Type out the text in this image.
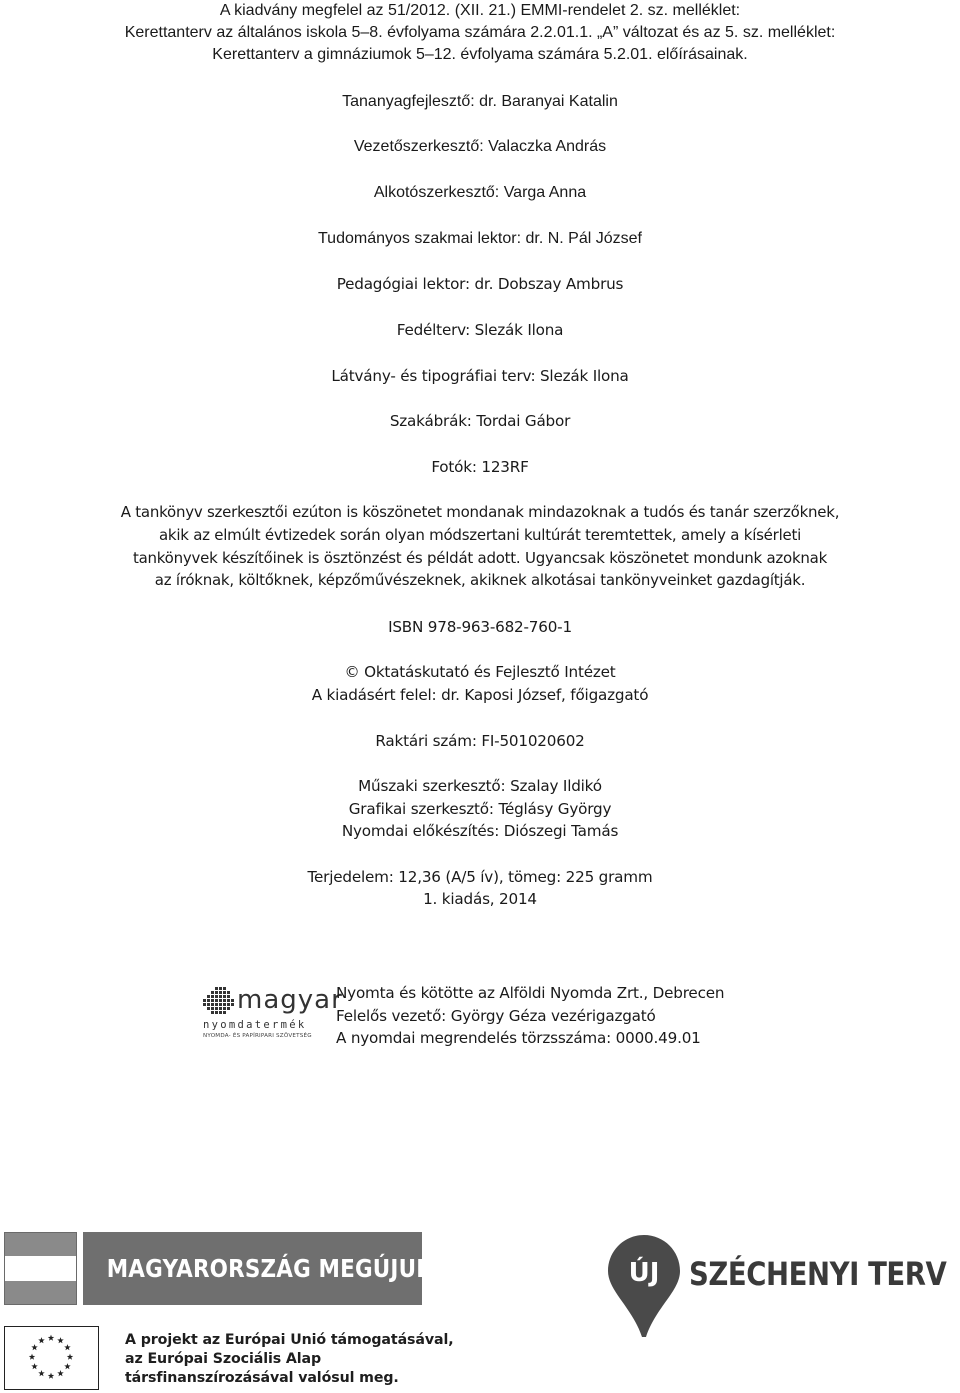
A kiadvány megfelel az 51/2012. (XII. 21.) EMMI-rendelet 2. sz. melléklet:
Kerettanterv az általános iskola 5–8. évfolyama számára 2.2.01.1. „A” változat és az 5. sz. melléklet:
Kerettanterv a gimnáziumok 5–12. évfolyama számára 5.2.01. előírásainak.
Tananyagfejlesztő: dr. Baranyai Katalin
Vezetőszerkesztő: Valaczka András
Alkotószerkesztő: Varga Anna
Tudományos szakmai lektor: dr. N. Pál József
Pedagógiai lektor: dr. Dobszay Ambrus
Fedélterv: Slezák Ilona
Látvány- és tipográfiai terv: Slezák Ilona
Szakábrák: Tordai Gábor
Fotók: 123RF
A tankönyv szerkesztői ezúton is köszönetet mondanak mindazoknak a tudós és tanár szerzőknek,
akik az elmúlt évtizedek során olyan módszertani kultúrát teremtettek, amely a kísérleti
tankönyvek készítőinek is ösztönzést és példát adott. Ugyancsak köszönetet mondunk azoknak
az íróknak, költőknek, képzőművészeknek, akiknek alkotásai tankönyveinket gazdagítják.
ISBN 978-963-682-760-1
© Oktatáskutató és Fejlesztő Intézet
A kiadásért felel: dr. Kaposi József, főigazgató
Raktári szám: FI-501020602
Műszaki szerkesztő: Szalay Ildikó
Grafikai szerkesztő: Téglásy György
Nyomdai előkészítés: Diószegi Tamás
Terjedelem: 12,36 (A/5 ív), tömeg: 225 gramm
1. kiadás, 2014
magyar
nyomdatermék
NYOMDA- ÉS PAPÍRIPARI SZÖVETSÉG
Nyomta és kötötte az Alföldi Nyomda Zrt., Debrecen
Felelős vezető: György Géza vezérigazgató
A nyomdai megrendelés törzsszáma: 0000.49.01
MAGYARORSZÁG MEGÚJUL	ÚJ SZÉCHENYI TERV
A projekt az Európai Unió támogatásával,
az Európai Szociális Alap
társfinanszírozásával valósul meg.
